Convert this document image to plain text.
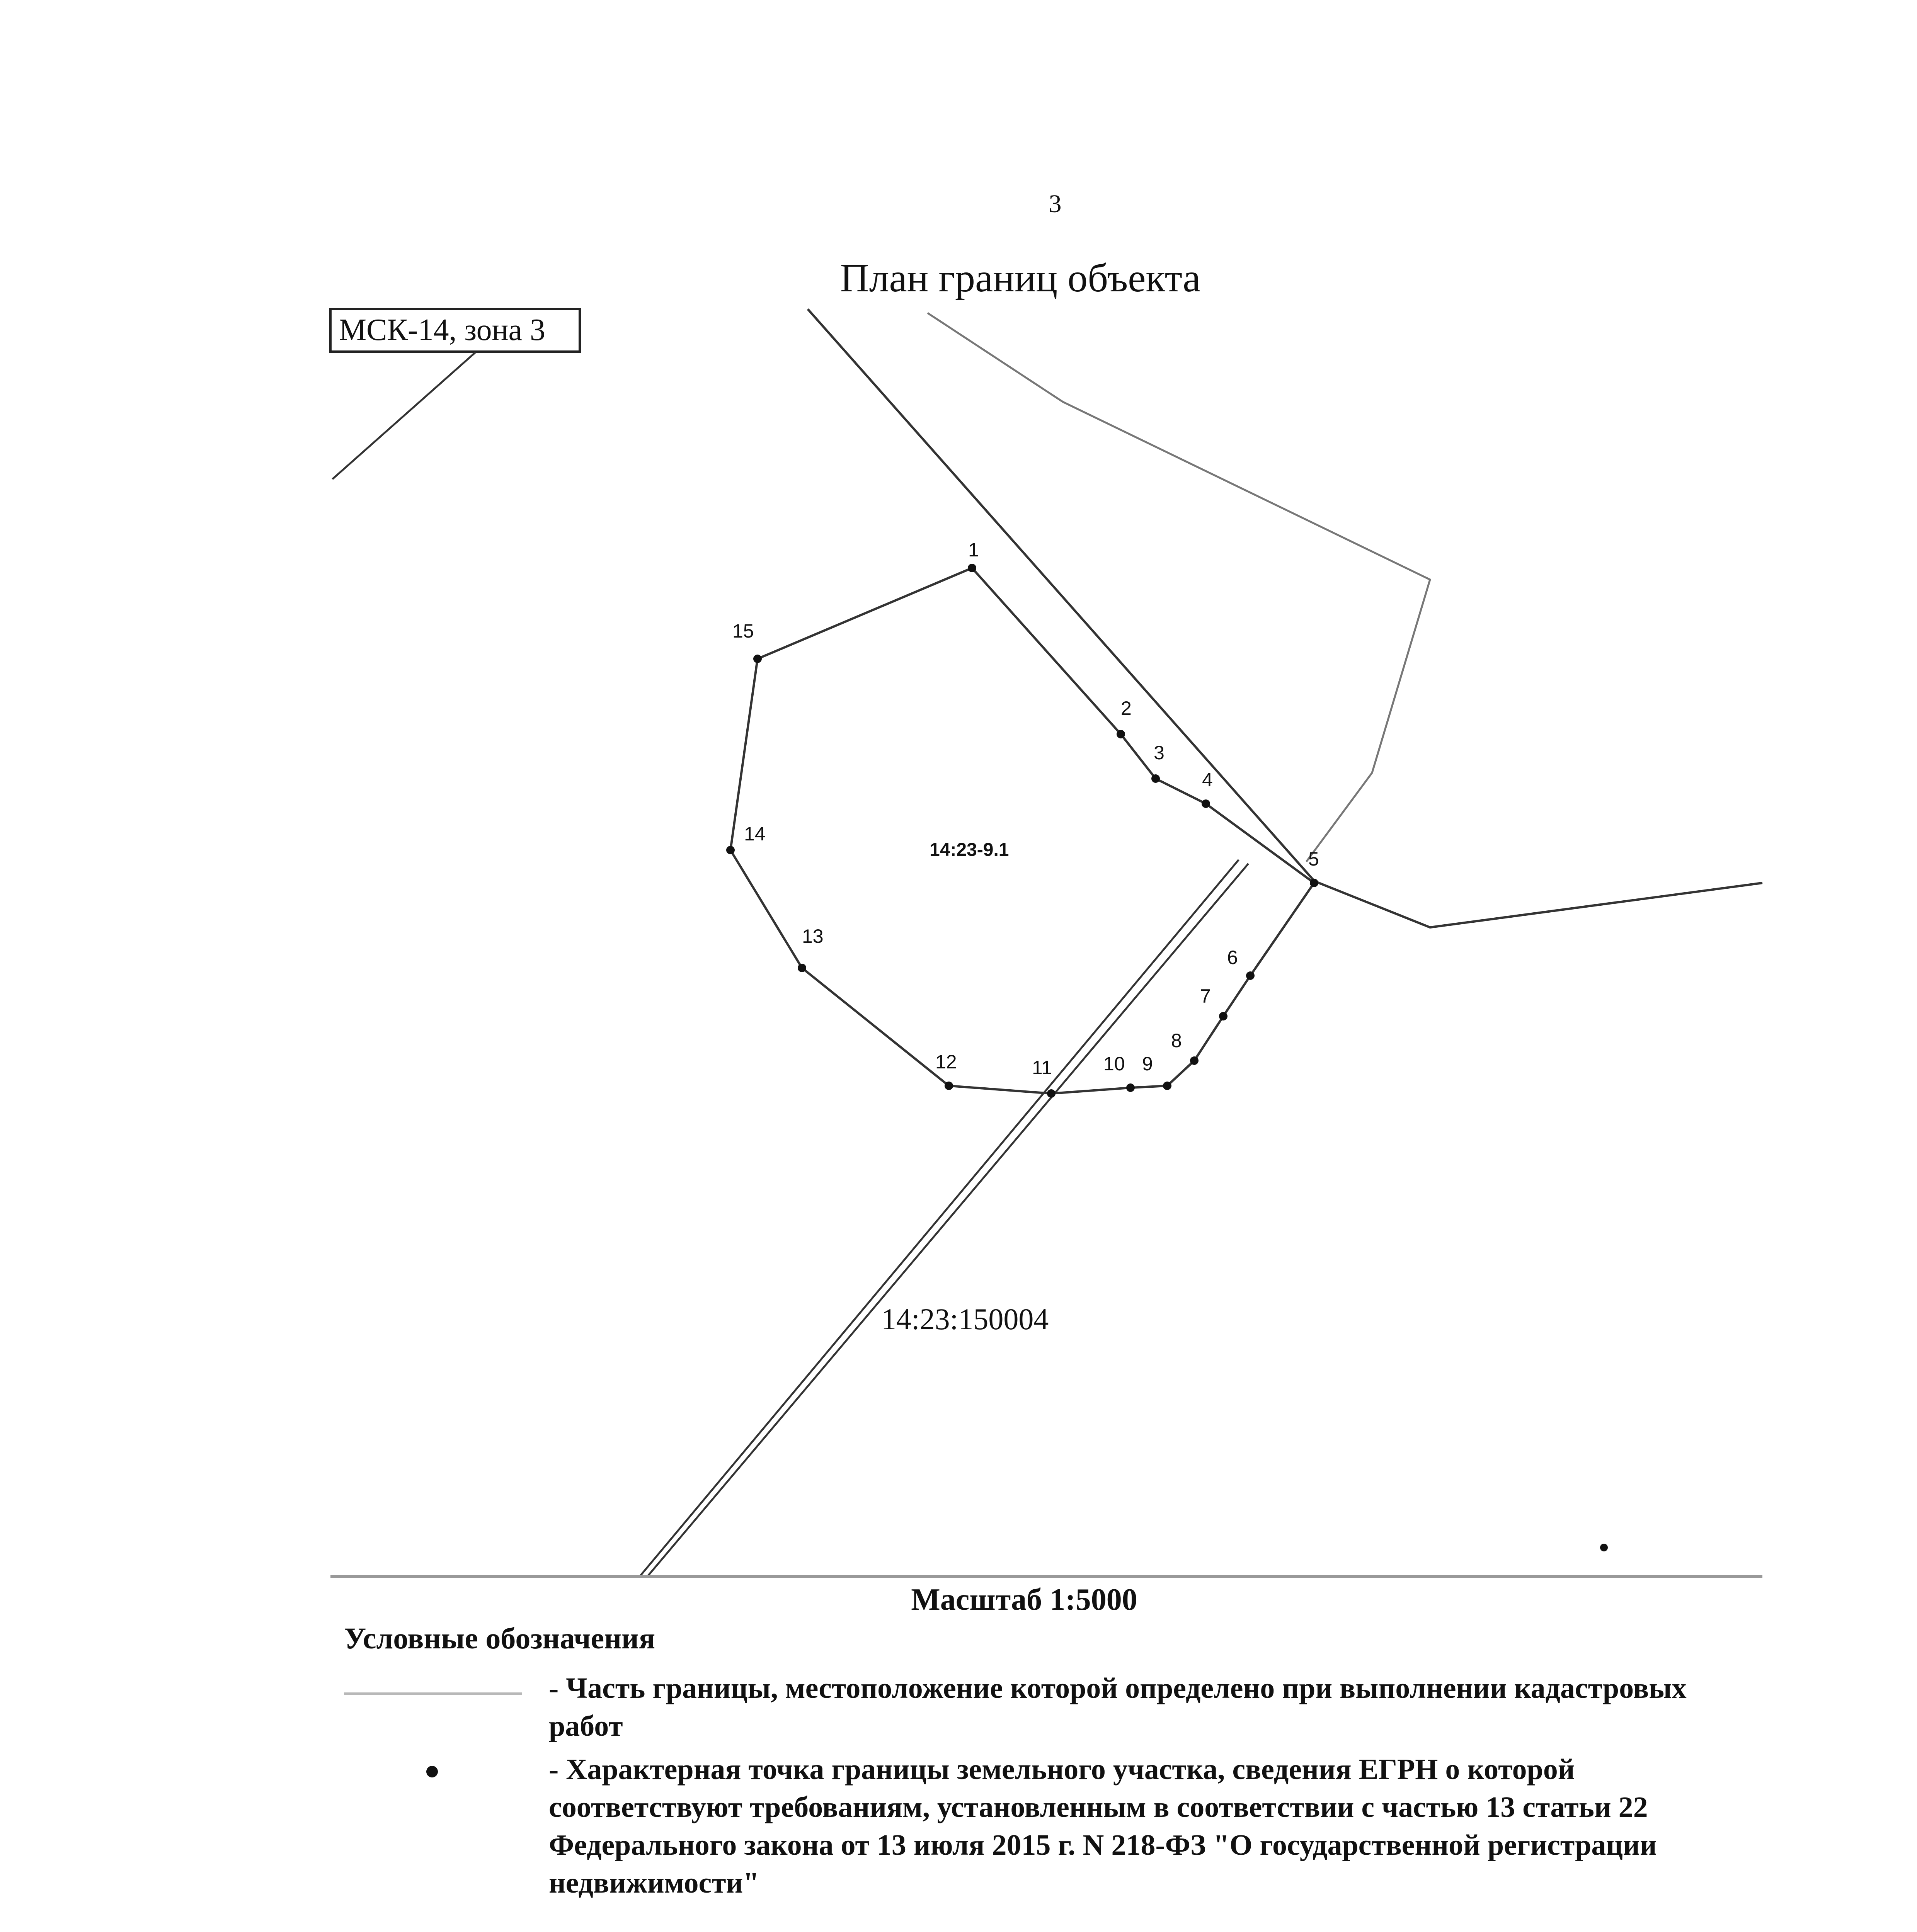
3
План границ объекта
МСК-14, зона 3
1
2
3
4
5
6
7
8
9
10
11
12
13
14
15
14:23-9.1
14:23:150004
Масштаб 1:5000
Условные обозначения
- Часть границы, местоположение которой определено при выполнении кадастровых работ
- Характерная точка границы земельного участка, сведения ЕГРН о которой соответствуют требованиям, установленным в соответствии с частью 13 статьи 22 Федерального закона от 13 июля 2015 г. N 218-ФЗ "О государственной регистрации недвижимости"
